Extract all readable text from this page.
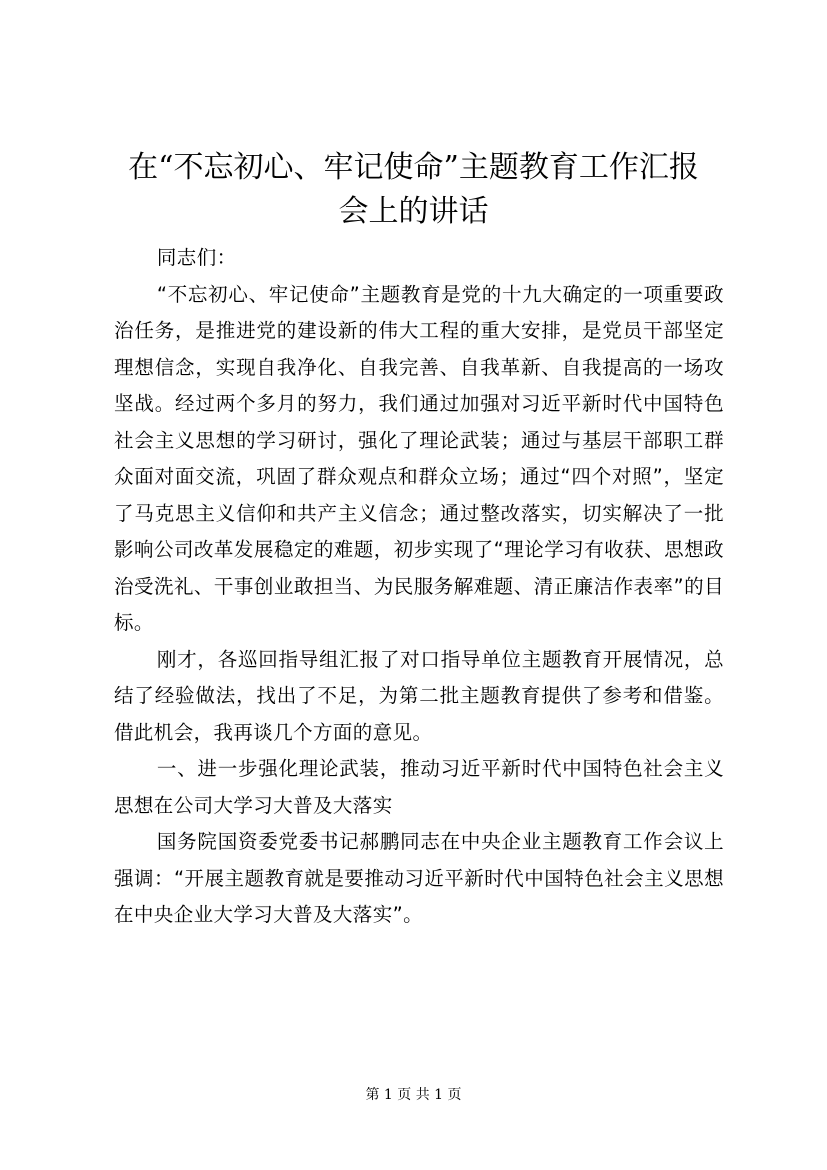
在“不忘初心、牢记使命”主题教育工作汇报
会上的讲话

同志们：

“不忘初心、牢记使命”主题教育是党的十九大确定的一项重要政治任务，是推进党的建设新的伟大工程的重大安排，是党员干部坚定理想信念，实现自我净化、自我完善、自我革新、自我提高的一场攻坚战。经过两个多月的努力，我们通过加强对习近平新时代中国特色社会主义思想的学习研讨，强化了理论武装；通过与基层干部职工群众面对面交流，巩固了群众观点和群众立场；通过“四个对照”，坚定了马克思主义信仰和共产主义信念；通过整改落实，切实解决了一批影响公司改革发展稳定的难题，初步实现了“理论学习有收获、思想政治受洗礼、干事创业敢担当、为民服务解难题、清正廉洁作表率”的目标。

刚才，各巡回指导组汇报了对口指导单位主题教育开展情况，总结了经验做法，找出了不足，为第二批主题教育提供了参考和借鉴。借此机会，我再谈几个方面的意见。

一、进一步强化理论武装，推动习近平新时代中国特色社会主义思想在公司大学习大普及大落实

国务院国资委党委书记郝鹏同志在中央企业主题教育工作会议上强调：“开展主题教育就是要推动习近平新时代中国特色社会主义思想在中央企业大学习大普及大落实”。

第 1 页 共 1 页
